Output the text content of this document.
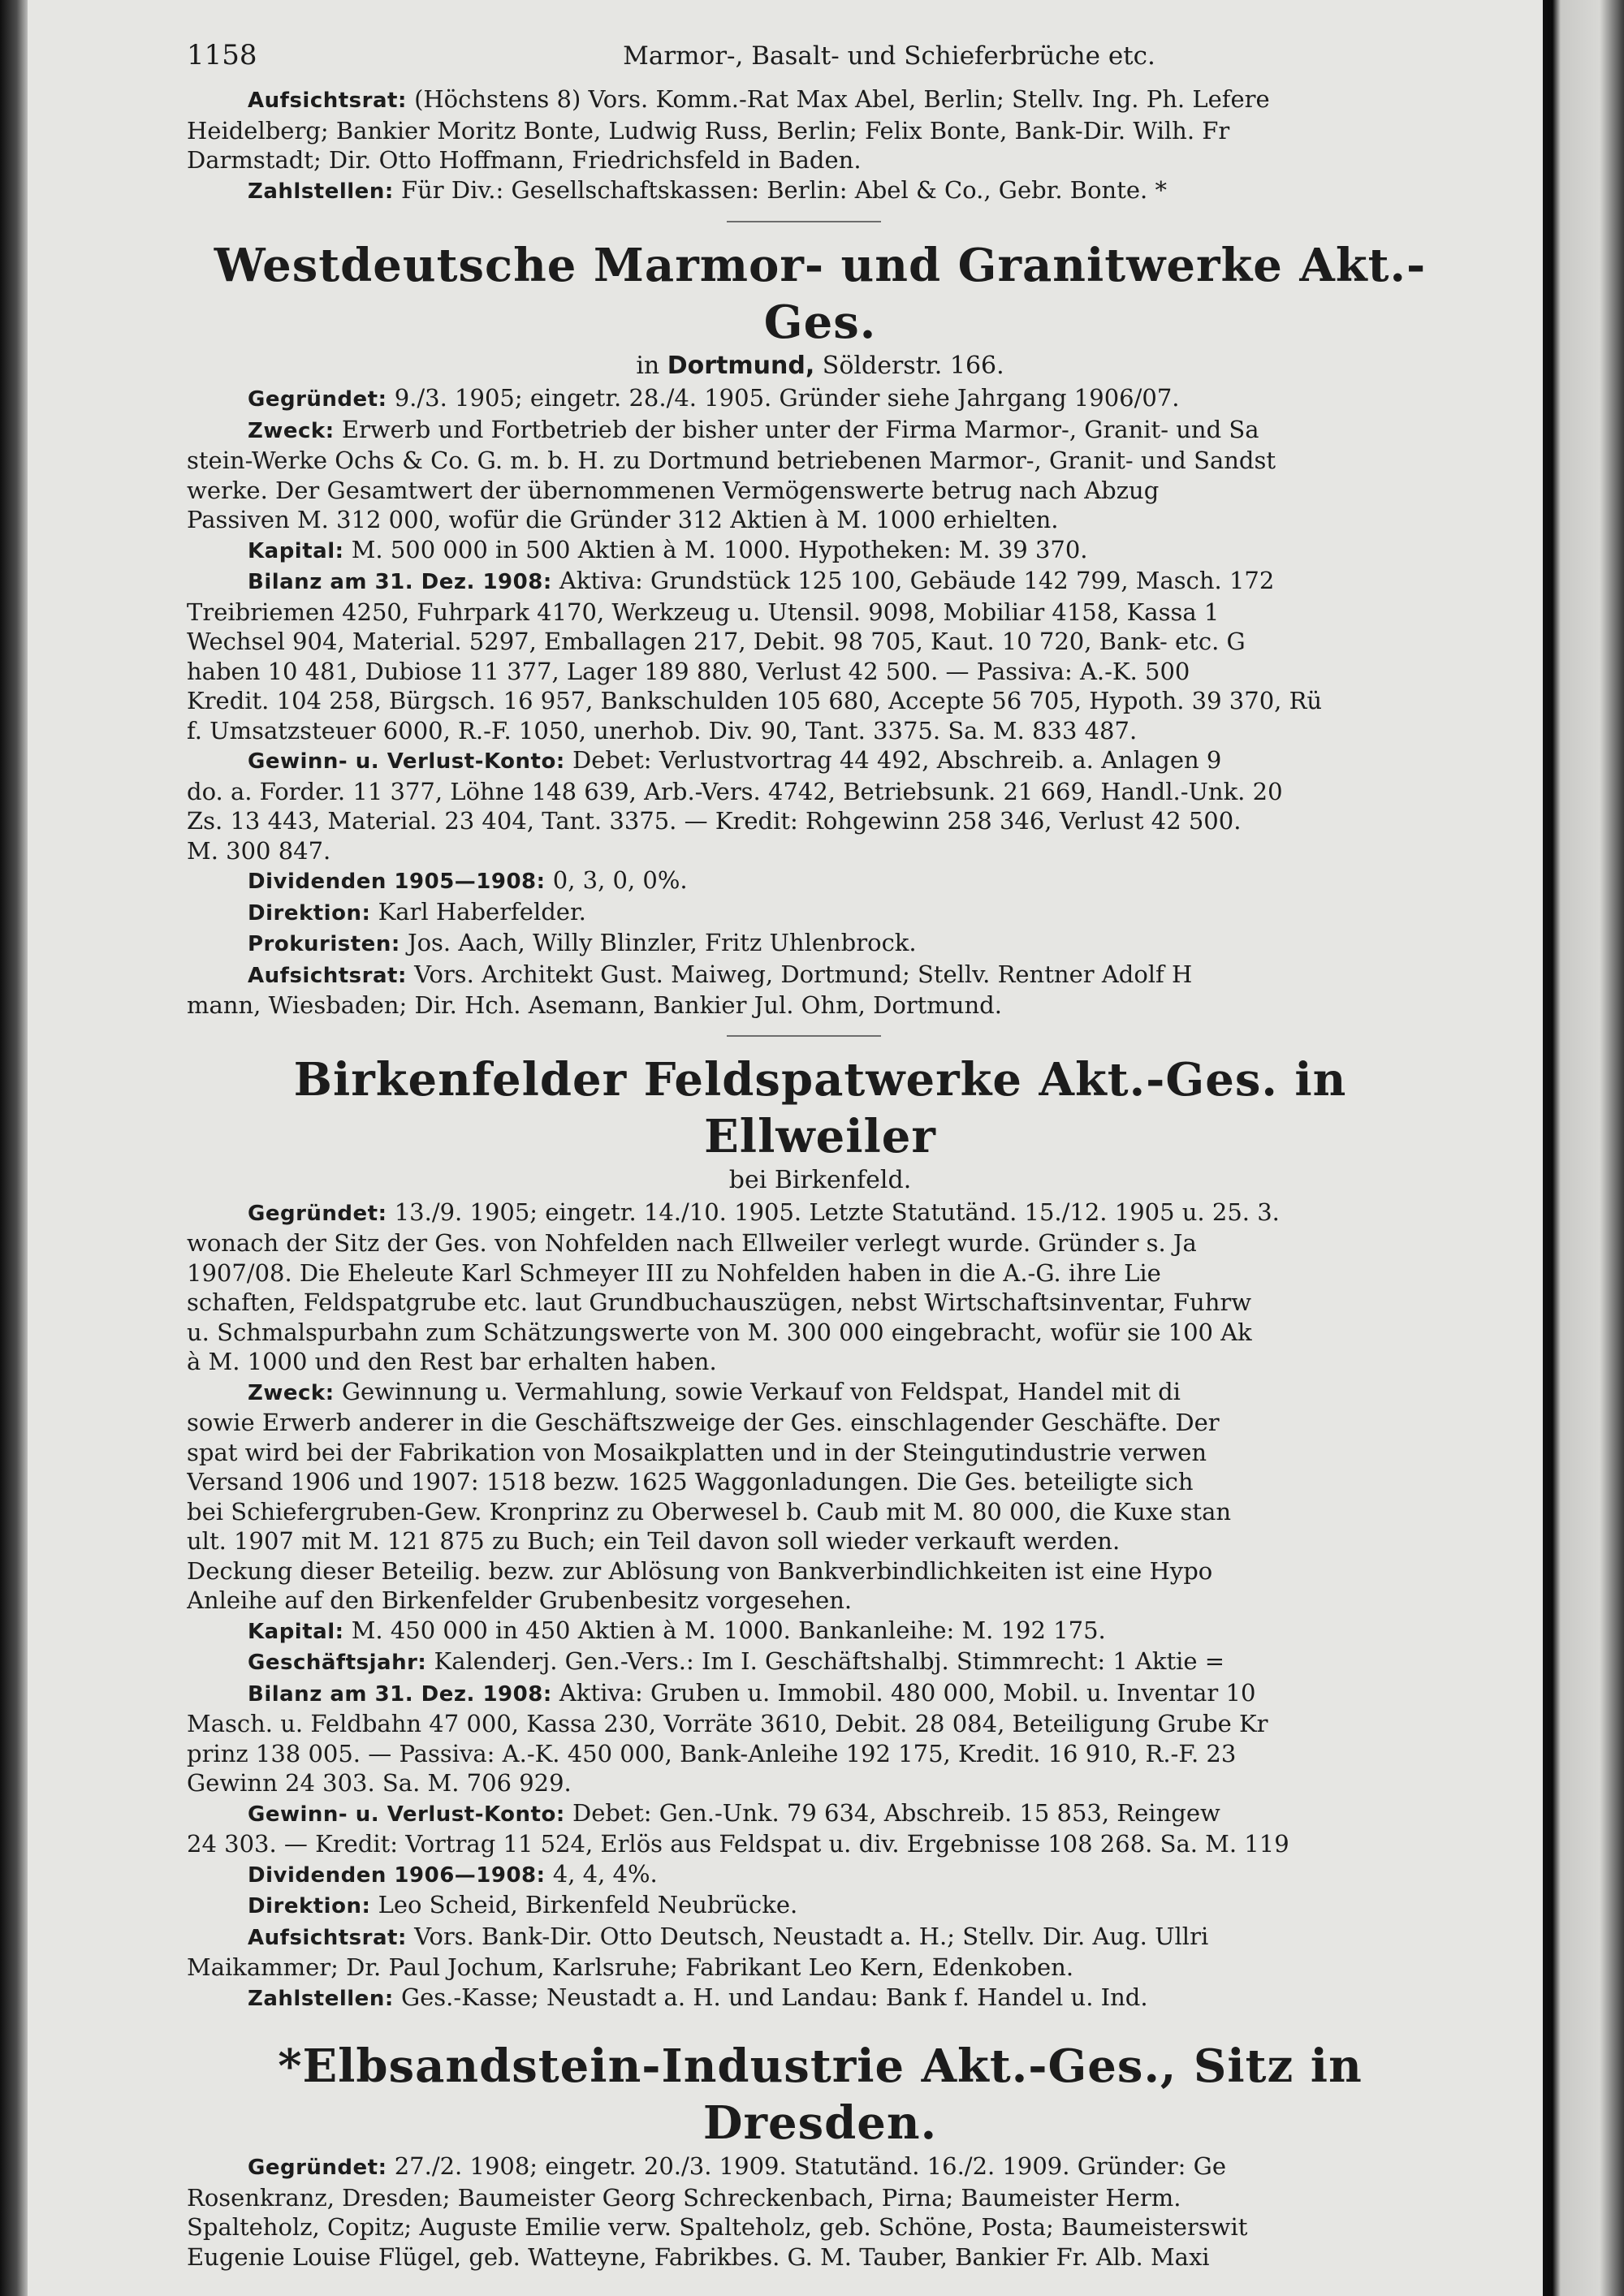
1158	Marmor-, Basalt- und Schieferbrüche etc.
Aufsichtsrat: (Höchstens 8) Vors. Komm.-Rat Max Abel, Berlin; Stellv. Ing. Ph. Lefere
Heidelberg; Bankier Moritz Bonte, Ludwig Russ, Berlin; Felix Bonte, Bank-Dir. Wilh. Fr
Darmstadt; Dir. Otto Hoffmann, Friedrichsfeld in Baden.
Zahlstellen: Für Div.: Gesellschaftskassen: Berlin: Abel & Co., Gebr. Bonte. *
Westdeutsche Marmor- und Granitwerke Akt.-Ges.
in Dortmund, Sölderstr. 166.
Gegründet: 9./3. 1905; eingetr. 28./4. 1905. Gründer siehe Jahrgang 1906/07.
Zweck: Erwerb und Fortbetrieb der bisher unter der Firma Marmor-, Granit- und Sa
stein-Werke Ochs & Co. G. m. b. H. zu Dortmund betriebenen Marmor-, Granit- und Sandst
werke. Der Gesamtwert der übernommenen Vermögenswerte betrug nach Abzug
Passiven M. 312 000, wofür die Gründer 312 Aktien à M. 1000 erhielten.
Kapital: M. 500 000 in 500 Aktien à M. 1000. Hypotheken: M. 39 370.
Bilanz am 31. Dez. 1908: Aktiva: Grundstück 125 100, Gebäude 142 799, Masch. 172
Treibriemen 4250, Fuhrpark 4170, Werkzeug u. Utensil. 9098, Mobiliar 4158, Kassa 1
Wechsel 904, Material. 5297, Emballagen 217, Debit. 98 705, Kaut. 10 720, Bank- etc. G
haben 10 481, Dubiose 11 377, Lager 189 880, Verlust 42 500. — Passiva: A.-K. 500
Kredit. 104 258, Bürgsch. 16 957, Bankschulden 105 680, Accepte 56 705, Hypoth. 39 370, Rü
f. Umsatzsteuer 6000, R.-F. 1050, unerhob. Div. 90, Tant. 3375. Sa. M. 833 487.
Gewinn- u. Verlust-Konto: Debet: Verlustvortrag 44 492, Abschreib. a. Anlagen 9
do. a. Forder. 11 377, Löhne 148 639, Arb.-Vers. 4742, Betriebsunk. 21 669, Handl.-Unk. 20
Zs. 13 443, Material. 23 404, Tant. 3375. — Kredit: Rohgewinn 258 346, Verlust 42 500.
M. 300 847.
Dividenden 1905—1908: 0, 3, 0, 0%.
Direktion: Karl Haberfelder.
Prokuristen: Jos. Aach, Willy Blinzler, Fritz Uhlenbrock.
Aufsichtsrat: Vors. Architekt Gust. Maiweg, Dortmund; Stellv. Rentner Adolf H
mann, Wiesbaden; Dir. Hch. Asemann, Bankier Jul. Ohm, Dortmund.
Birkenfelder Feldspatwerke Akt.-Ges. in Ellweiler
bei Birkenfeld.
Gegründet: 13./9. 1905; eingetr. 14./10. 1905. Letzte Statutänd. 15./12. 1905 u. 25. 3.
wonach der Sitz der Ges. von Nohfelden nach Ellweiler verlegt wurde. Gründer s. Ja
1907/08. Die Eheleute Karl Schmeyer III zu Nohfelden haben in die A.-G. ihre Lie
schaften, Feldspatgrube etc. laut Grundbuchauszügen, nebst Wirtschaftsinventar, Fuhrw
u. Schmalspurbahn zum Schätzungswerte von M. 300 000 eingebracht, wofür sie 100 Ak
à M. 1000 und den Rest bar erhalten haben.
Zweck: Gewinnung u. Vermahlung, sowie Verkauf von Feldspat, Handel mit di
sowie Erwerb anderer in die Geschäftszweige der Ges. einschlagender Geschäfte. Der
spat wird bei der Fabrikation von Mosaikplatten und in der Steingutindustrie verwen
Versand 1906 und 1907: 1518 bezw. 1625 Waggonladungen. Die Ges. beteiligte sich
bei Schiefergruben-Gew. Kronprinz zu Oberwesel b. Caub mit M. 80 000, die Kuxe stan
ult. 1907 mit M. 121 875 zu Buch; ein Teil davon soll wieder verkauft werden.
Deckung dieser Beteilig. bezw. zur Ablösung von Bankverbindlichkeiten ist eine Hypo
Anleihe auf den Birkenfelder Grubenbesitz vorgesehen.
Kapital: M. 450 000 in 450 Aktien à M. 1000. Bankanleihe: M. 192 175.
Geschäftsjahr: Kalenderj. Gen.-Vers.: Im I. Geschäftshalbj. Stimmrecht: 1 Aktie =
Bilanz am 31. Dez. 1908: Aktiva: Gruben u. Immobil. 480 000, Mobil. u. Inventar 10
Masch. u. Feldbahn 47 000, Kassa 230, Vorräte 3610, Debit. 28 084, Beteiligung Grube Kr
prinz 138 005. — Passiva: A.-K. 450 000, Bank-Anleihe 192 175, Kredit. 16 910, R.-F. 23
Gewinn 24 303. Sa. M. 706 929.
Gewinn- u. Verlust-Konto: Debet: Gen.-Unk. 79 634, Abschreib. 15 853, Reingew
24 303. — Kredit: Vortrag 11 524, Erlös aus Feldspat u. div. Ergebnisse 108 268. Sa. M. 119
Dividenden 1906—1908: 4, 4, 4%.
Direktion: Leo Scheid, Birkenfeld Neubrücke.
Aufsichtsrat: Vors. Bank-Dir. Otto Deutsch, Neustadt a. H.; Stellv. Dir. Aug. Ullri
Maikammer; Dr. Paul Jochum, Karlsruhe; Fabrikant Leo Kern, Edenkoben.
Zahlstellen: Ges.-Kasse; Neustadt a. H. und Landau: Bank f. Handel u. Ind.
*Elbsandstein-Industrie Akt.-Ges., Sitz in Dresden.
Gegründet: 27./2. 1908; eingetr. 20./3. 1909. Statutänd. 16./2. 1909. Gründer: Ge
Rosenkranz, Dresden; Baumeister Georg Schreckenbach, Pirna; Baumeister Herm.
Spalteholz, Copitz; Auguste Emilie verw. Spalteholz, geb. Schöne, Posta; Baumeisterswit
Eugenie Louise Flügel, geb. Watteyne, Fabrikbes. G. M. Tauber, Bankier Fr. Alb. Maxi
